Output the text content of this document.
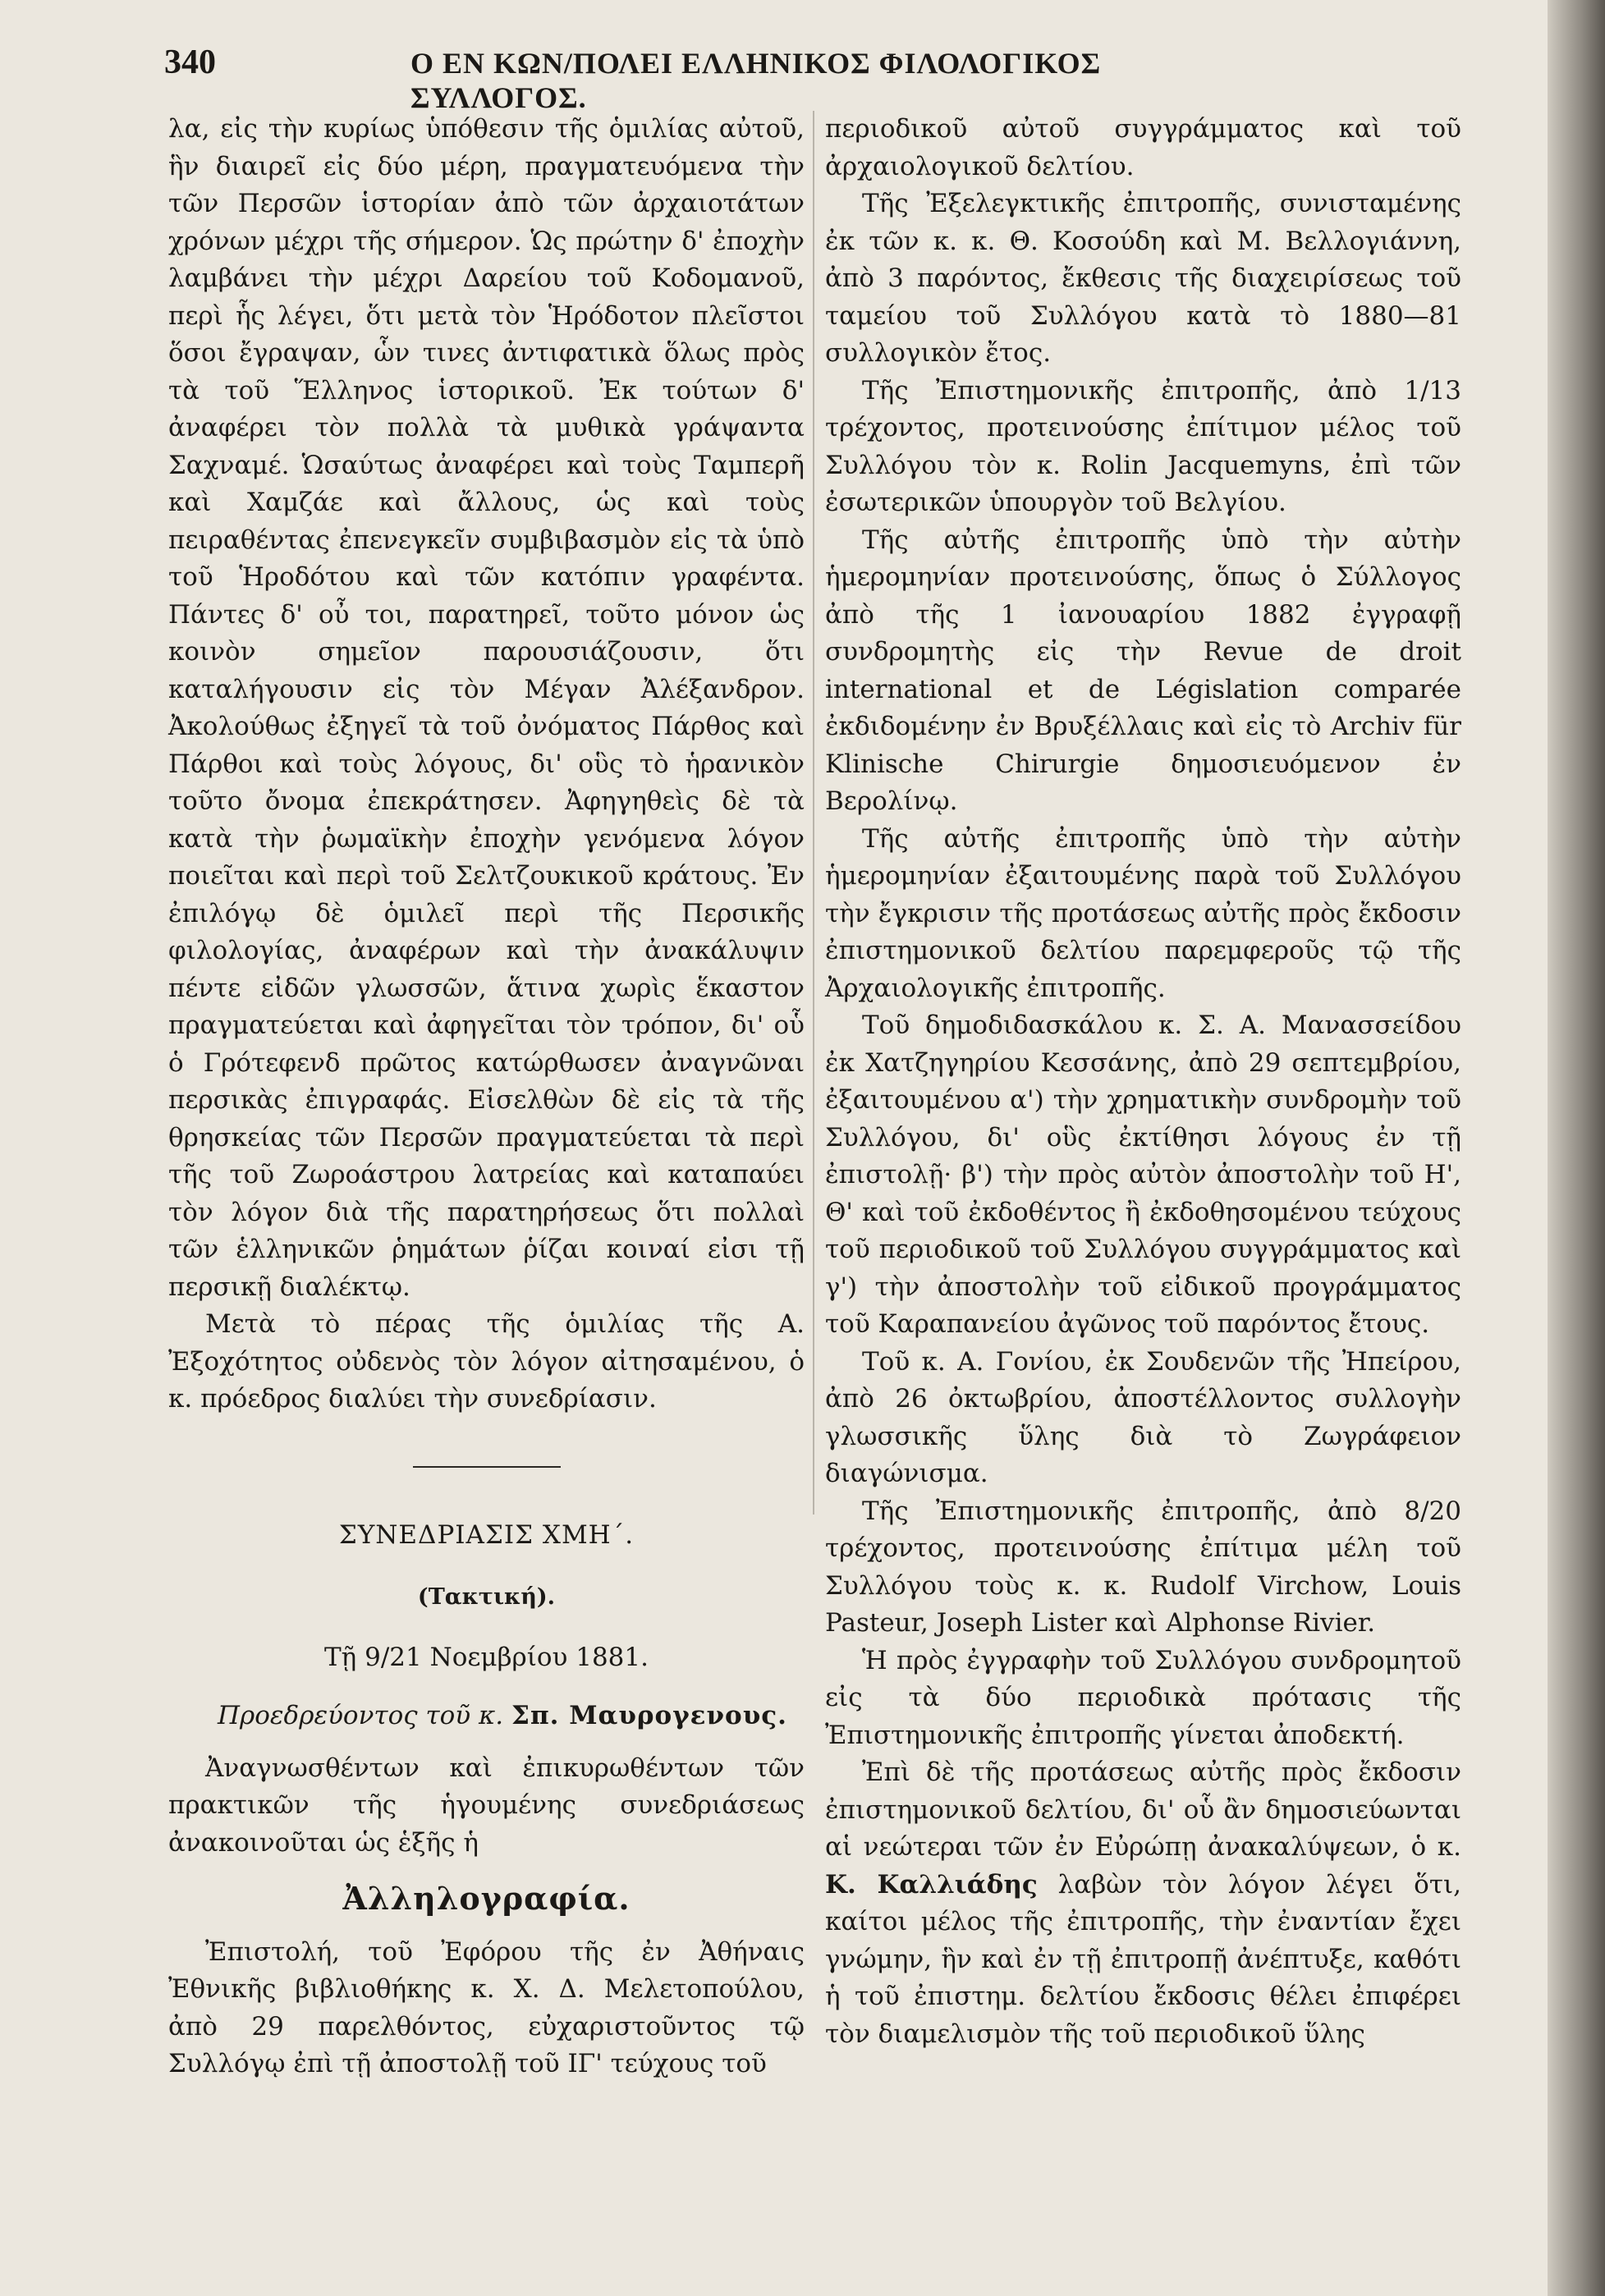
340	Ο ΕΝ ΚΩΝ/ΠΟΛΕΙ ΕΛΛΗΝΙΚΟΣ ΦΙΛΟΛΟΓΙΚΟΣ ΣΥΛΛΟΓΟΣ.

λα, εἰς τὴν κυρίως ὑπόθεσιν τῆς ὁμιλίας αὐτοῦ, ἣν διαιρεῖ εἰς δύο μέρη, πραγματευόμενα τὴν τῶν Περσῶν ἱστορίαν ἀπὸ τῶν ἀρχαιοτάτων χρόνων μέχρι τῆς σήμερον. Ὡς πρώτην δ' ἐποχὴν λαμβάνει τὴν μέχρι Δαρείου τοῦ Κοδομανοῦ, περὶ ἧς λέγει, ὅτι μετὰ τὸν Ἡρόδοτον πλεῖστοι ὅσοι ἔγραψαν, ὧν τινες ἀντιφατικὰ ὅλως πρὸς τὰ τοῦ Ἕλληνος ἱστορικοῦ. Ἐκ τούτων δ' ἀναφέρει τὸν πολλὰ τὰ μυθικὰ γράψαντα Σαχναμέ. Ὡσαύτως ἀναφέρει καὶ τοὺς Ταμπερῆ καὶ Χαμζάε καὶ ἄλλους, ὡς καὶ τοὺς πειραθέντας ἐπενεγκεῖν συμβιβασμὸν εἰς τὰ ὑπὸ τοῦ Ἡροδότου καὶ τῶν κατόπιν γραφέντα. Πάντες δ' οὖ τοι, παρατηρεῖ, τοῦτο μόνον ὡς κοινὸν σημεῖον παρουσιάζουσιν, ὅτι καταλήγουσιν εἰς τὸν Μέγαν Ἀλέξανδρον. Ἀκολούθως ἐξηγεῖ τὰ τοῦ ὀνόματος Πάρθος καὶ Πάρθοι καὶ τοὺς λόγους, δι' οὓς τὸ ἡρανικὸν τοῦτο ὄνομα ἐπεκράτησεν. Ἀφηγηθεὶς δὲ τὰ κατὰ τὴν ῥωμαϊκὴν ἐποχὴν γενόμενα λόγον ποιεῖται καὶ περὶ τοῦ Σελτζουκικοῦ κράτους. Ἐν ἐπιλόγῳ δὲ ὁμιλεῖ περὶ τῆς Περσικῆς φιλολογίας, ἀναφέρων καὶ τὴν ἀνακάλυψιν πέντε εἰδῶν γλωσσῶν, ἅτινα χωρὶς ἕκαστον πραγματεύεται καὶ ἀφηγεῖται τὸν τρόπον, δι' οὗ ὁ Γρότεφενδ πρῶτος κατώρθωσεν ἀναγνῶναι περσικὰς ἐπιγραφάς. Εἰσελθὼν δὲ εἰς τὰ τῆς θρησκείας τῶν Περσῶν πραγματεύεται τὰ περὶ τῆς τοῦ Ζωροάστρου λατρείας καὶ καταπαύει τὸν λόγον διὰ τῆς παρατηρήσεως ὅτι πολλαὶ τῶν ἑλληνικῶν ῥημάτων ῥίζαι κοιναί εἰσι τῇ περσικῇ διαλέκτῳ.

Μετὰ τὸ πέρας τῆς ὁμιλίας τῆς Α. Ἐξοχότητος οὐδενὸς τὸν λόγον αἰτησαμένου, ὁ κ. πρόεδρος διαλύει τὴν συνεδρίασιν.

ΣΥΝΕΔΡΙΑΣΙΣ ΧΜΗ΄.

(Τακτική).

Τῇ 9/21 Νοεμβρίου 1881.

Προεδρεύοντος τοῦ κ. Σπ. Μαυρογενους.

Ἀναγνωσθέντων καὶ ἐπικυρωθέντων τῶν πρακτικῶν τῆς ἡγουμένης συνεδριάσεως ἀνακοινοῦται ὡς ἑξῆς ἡ

Ἀλληλογραφία.

Ἐπιστολή, τοῦ Ἐφόρου τῆς ἐν Ἀθήναις Ἐθνικῆς βιβλιοθήκης κ. Χ. Δ. Μελετοπούλου, ἀπὸ 29 παρελθόντος, εὐχαριστοῦντος τῷ Συλλόγῳ ἐπὶ τῇ ἀποστολῇ τοῦ ΙΓ' τεύχους τοῦ

περιοδικοῦ αὐτοῦ συγγράμματος καὶ τοῦ ἀρχαιολογικοῦ δελτίου.

Τῆς Ἐξελεγκτικῆς ἐπιτροπῆς, συνισταμένης ἐκ τῶν κ. κ. Θ. Κοσούδη καὶ Μ. Βελλογιάννη, ἀπὸ 3 παρόντος, ἔκθεσις τῆς διαχειρίσεως τοῦ ταμείου τοῦ Συλλόγου κατὰ τὸ 1880—81 συλλογικὸν ἔτος.

Τῆς Ἐπιστημονικῆς ἐπιτροπῆς, ἀπὸ 1/13 τρέχοντος, προτεινούσης ἐπίτιμον μέλος τοῦ Συλλόγου τὸν κ. Rolin Jacquemyns, ἐπὶ τῶν ἐσωτερικῶν ὑπουργὸν τοῦ Βελγίου.

Τῆς αὐτῆς ἐπιτροπῆς ὑπὸ τὴν αὐτὴν ἡμερομηνίαν προτεινούσης, ὅπως ὁ Σύλλογος ἀπὸ τῆς 1 ἰανουαρίου 1882 ἐγγραφῇ συνδρομητὴς εἰς τὴν Revue de droit international et de Législation comparée ἐκδιδομένην ἐν Βρυξέλλαις καὶ εἰς τὸ Archiv für Klinische Chirurgie δημοσιευόμενον ἐν Βερολίνῳ.

Τῆς αὐτῆς ἐπιτροπῆς ὑπὸ τὴν αὐτὴν ἡμερομηνίαν ἐξαιτουμένης παρὰ τοῦ Συλλόγου τὴν ἔγκρισιν τῆς προτάσεως αὐτῆς πρὸς ἔκδοσιν ἐπιστημονικοῦ δελτίου παρεμφεροῦς τῷ τῆς Ἀρχαιολογικῆς ἐπιτροπῆς.

Τοῦ δημοδιδασκάλου κ. Σ. Α. Μανασσείδου ἐκ Χατζηγηρίου Κεσσάνης, ἀπὸ 29 σεπτεμβρίου, ἐξαιτουμένου α') τὴν χρηματικὴν συνδρομὴν τοῦ Συλλόγου, δι' οὓς ἐκτίθησι λόγους ἐν τῇ ἐπιστολῇ· β') τὴν πρὸς αὐτὸν ἀποστολὴν τοῦ Η', Θ' καὶ τοῦ ἐκδοθέντος ἢ ἐκδοθησομένου τεύχους τοῦ περιοδικοῦ τοῦ Συλλόγου συγγράμματος καὶ γ') τὴν ἀποστολὴν τοῦ εἰδικοῦ προγράμματος τοῦ Καραπανείου ἀγῶνος τοῦ παρόντος ἔτους.

Τοῦ κ. Α. Γονίου, ἐκ Σουδενῶν τῆς Ἠπείρου, ἀπὸ 26 ὀκτωβρίου, ἀποστέλλοντος συλλογὴν γλωσσικῆς ὕλης διὰ τὸ Ζωγράφειον διαγώνισμα.

Τῆς Ἐπιστημονικῆς ἐπιτροπῆς, ἀπὸ 8/20 τρέχοντος, προτεινούσης ἐπίτιμα μέλη τοῦ Συλλόγου τοὺς κ. κ. Rudolf Virchow, Louis Pasteur, Joseph Lister καὶ Alphonse Rivier.

Ἡ πρὸς ἐγγραφὴν τοῦ Συλλόγου συνδρομητοῦ εἰς τὰ δύο περιοδικὰ πρότασις τῆς Ἐπιστημονικῆς ἐπιτροπῆς γίνεται ἀποδεκτή.

Ἐπὶ δὲ τῆς προτάσεως αὐτῆς πρὸς ἔκδοσιν ἐπιστημονικοῦ δελτίου, δι' οὗ ἂν δημοσιεύωνται αἱ νεώτεραι τῶν ἐν Εὐρώπῃ ἀνακαλύψεων, ὁ κ. Κ. Καλλιάδης λαβὼν τὸν λόγον λέγει ὅτι, καίτοι μέλος τῆς ἐπιτροπῆς, τὴν ἐναντίαν ἔχει γνώμην, ἣν καὶ ἐν τῇ ἐπιτροπῇ ἀνέπτυξε, καθότι ἡ τοῦ ἐπιστημ. δελτίου ἔκδοσις θέλει ἐπιφέρει τὸν διαμελισμὸν τῆς τοῦ περιοδικοῦ ὕλης
